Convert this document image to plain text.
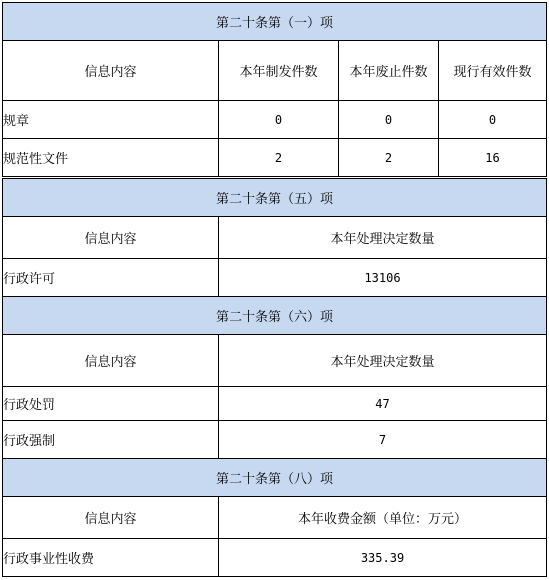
第二十条第（一）项			
信息内容	本年制发件数	本年废止件数	现行有效件数
规章	0	0	0
规范性文件	2	2	16
第二十条第（五）项	
信息内容	本年处理决定数量
行政许可	13106
第二十条第（六）项	
信息内容	本年处理决定数量
行政处罚	47
行政强制	7
第二十条第（八）项	
信息内容	本年收费金额（单位：万元）
行政事业性收费	335.39
